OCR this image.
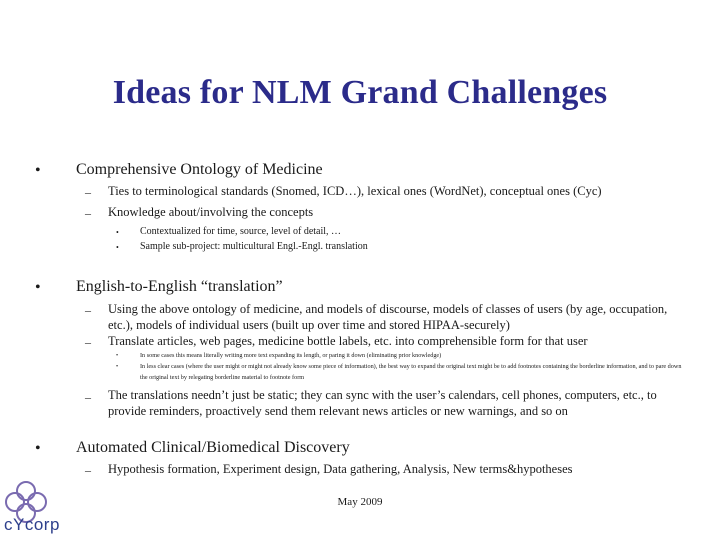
Ideas for NLM Grand Challenges
• Comprehensive Ontology of Medicine
– Ties to terminological standards (Snomed, ICD…), lexical ones (WordNet), conceptual ones (Cyc)
– Knowledge about/involving the concepts
• Contextualized for time, source, level of detail, …
• Sample sub-project: multicultural Engl.-Engl. translation
• English-to-English “translation”
– Using the above ontology of medicine, and models of discourse, models of classes of users (by age, occupation, etc.), models of individual users (built up over time and stored HIPAA-securely)
– Translate articles, web pages, medicine bottle labels, etc. into comprehensible form for that user
•	In some cases this means literally writing more text expanding its length, or paring it down (eliminating prior knowledge)
•	In less clear cases (where the user might or might not already know some piece of information), the best way to expand the original text might be to add footnotes containing the borderline information, and to pare down the original text by relegating borderline material to footnote form
– The translations needn’t just be static; they can sync with the user’s calendars, cell phones, computers, etc., to provide reminders, proactively send them relevant news articles or new warnings, and so on
• Automated Clinical/Biomedical Discovery
– Hypothesis formation, Experiment design, Data gathering, Analysis, New terms&hypotheses
May 2009
cYcorp
